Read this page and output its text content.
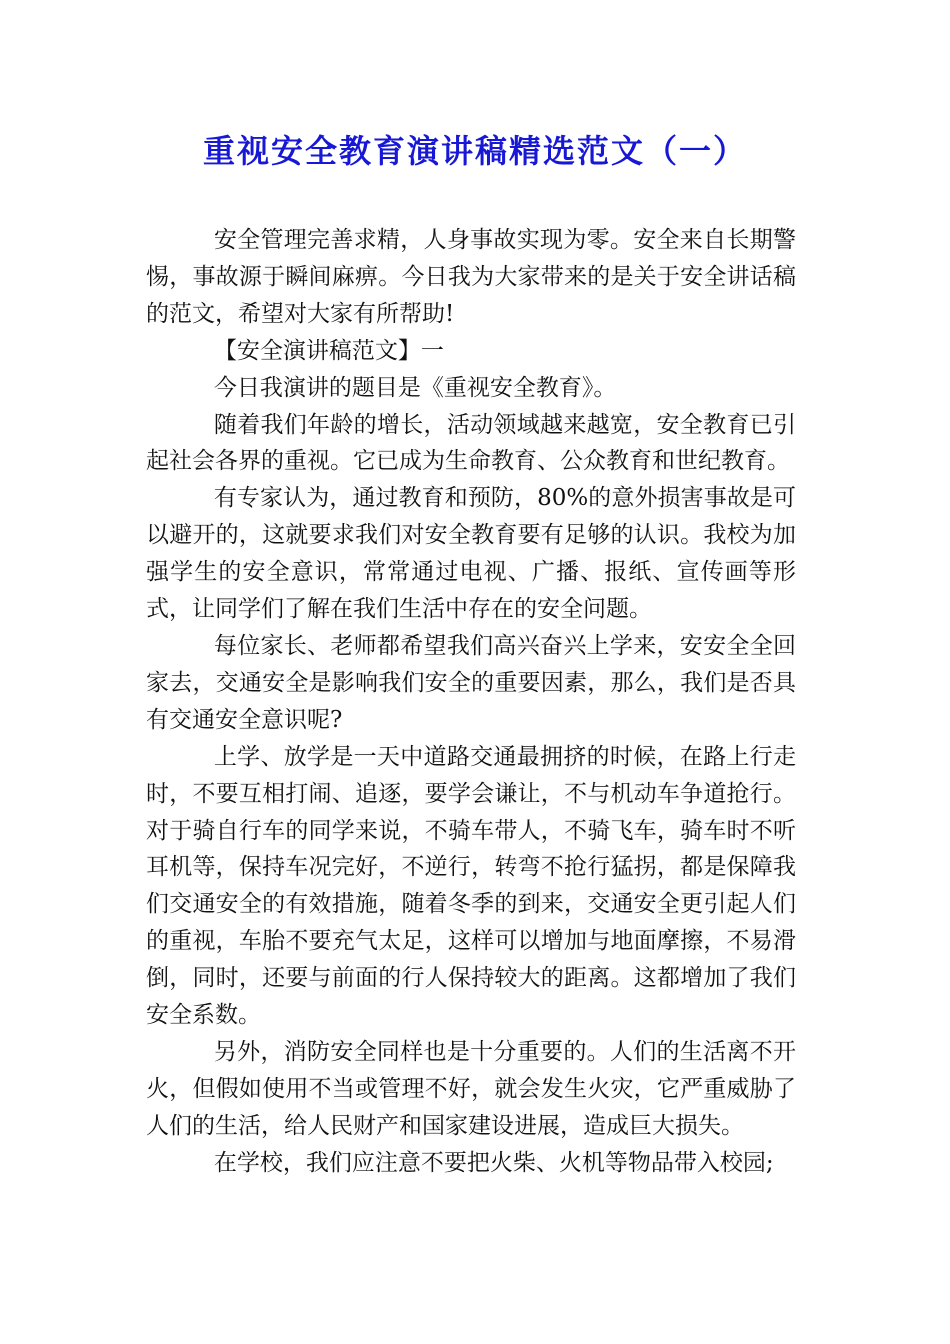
重视安全教育演讲稿精选范文（一）

安全管理完善求精，人身事故实现为零。安全来自长期警惕，事故源于瞬间麻痹。今日我为大家带来的是关于安全讲话稿的范文，希望对大家有所帮助!

【安全演讲稿范文】一

今日我演讲的题目是《重视安全教育》。

随着我们年龄的增长，活动领域越来越宽，安全教育已引起社会各界的重视。它已成为生命教育、公众教育和世纪教育。

有专家认为，通过教育和预防，80%的意外损害事故是可以避开的，这就要求我们对安全教育要有足够的认识。我校为加强学生的安全意识，常常通过电视、广播、报纸、宣传画等形式，让同学们了解在我们生活中存在的安全问题。

每位家长、老师都希望我们高兴奋兴上学来，安安全全回家去，交通安全是影响我们安全的重要因素，那么，我们是否具有交通安全意识呢?

上学、放学是一天中道路交通最拥挤的时候，在路上行走时，不要互相打闹、追逐，要学会谦让，不与机动车争道抢行。对于骑自行车的同学来说，不骑车带人，不骑飞车，骑车时不听耳机等，保持车况完好，不逆行，转弯不抢行猛拐，都是保障我们交通安全的有效措施，随着冬季的到来，交通安全更引起人们的重视，车胎不要充气太足，这样可以增加与地面摩擦，不易滑倒，同时，还要与前面的行人保持较大的距离。这都增加了我们安全系数。

另外，消防安全同样也是十分重要的。人们的生活离不开火，但假如使用不当或管理不好，就会发生火灾，它严重威胁了人们的生活，给人民财产和国家建设进展，造成巨大损失。

在学校，我们应注意不要把火柴、火机等物品带入校园;
